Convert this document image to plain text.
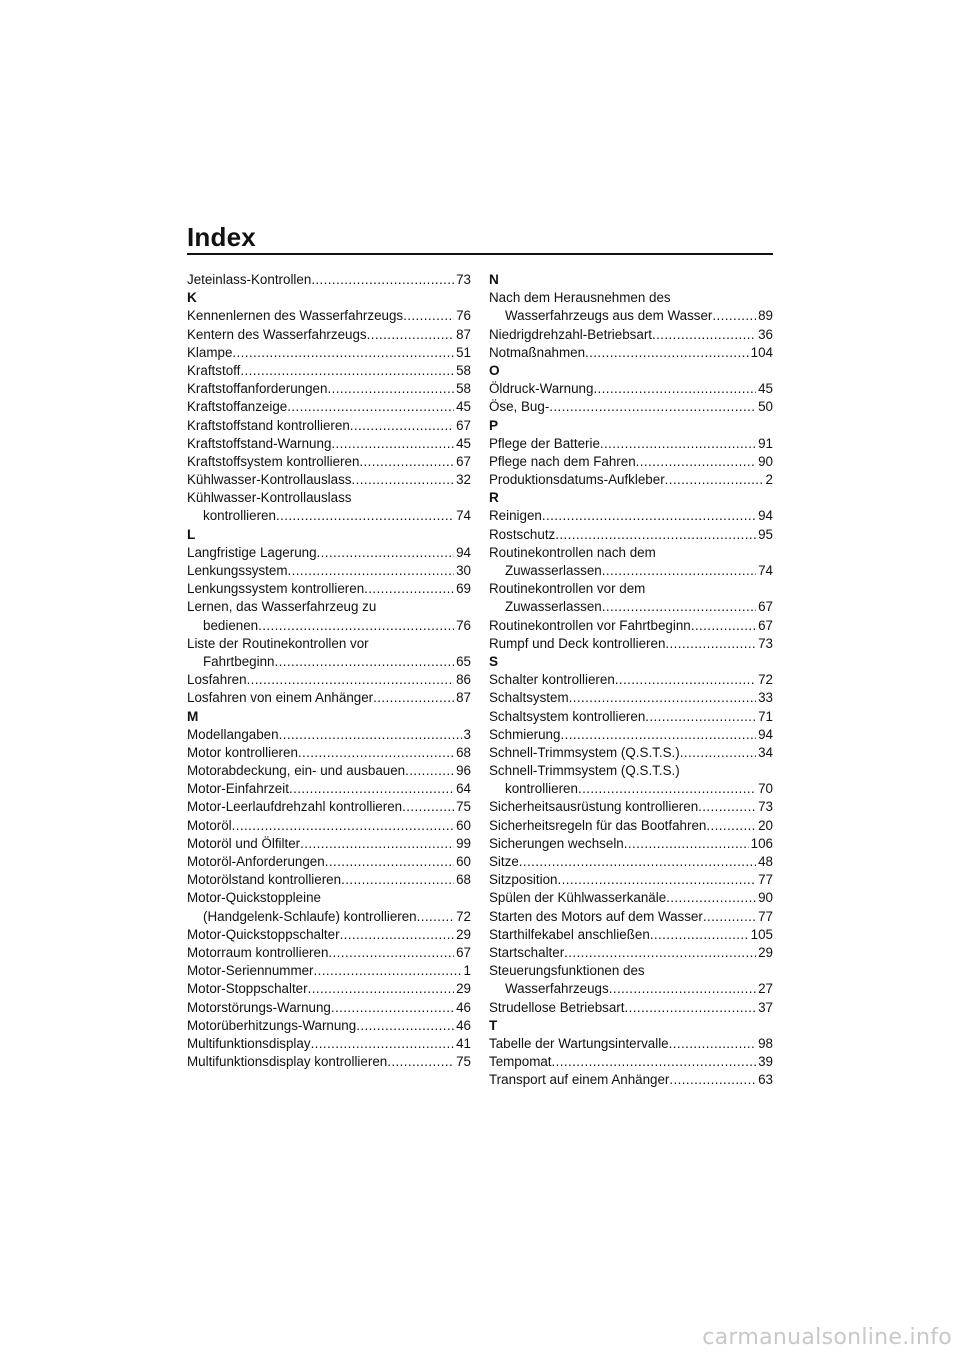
Index
Jeteinlass-Kontrollen .....	73
K
Kennenlernen des Wasserfahrzeugs .....	76
Kentern des Wasserfahrzeugs .....	87
Klampe .....	51
Kraftstoff .....	58
Kraftstoffanforderungen .....	58
Kraftstoffanzeige .....	45
Kraftstoffstand kontrollieren .....	67
Kraftstoffstand-Warnung .....	45
Kraftstoffsystem kontrollieren .....	67
Kühlwasser-Kontrollauslass .....	32
Kühlwasser-Kontrollauslass
kontrollieren .....	74
L
Langfristige Lagerung .....	94
Lenkungssystem .....	30
Lenkungssystem kontrollieren .....	69
Lernen, das Wasserfahrzeug zu
bedienen .....	76
Liste der Routinekontrollen vor
Fahrtbeginn .....	65
Losfahren .....	86
Losfahren von einem Anhänger .....	87
M
Modellangaben .....	3
Motor kontrollieren .....	68
Motorabdeckung, ein- und ausbauen .....	96
Motor-Einfahrzeit .....	64
Motor-Leerlaufdrehzahl kontrollieren .....	75
Motoröl .....	60
Motoröl und Ölfilter .....	99
Motoröl-Anforderungen .....	60
Motorölstand kontrollieren .....	68
Motor-Quickstoppleine
(Handgelenk-Schlaufe) kontrollieren .....	72
Motor-Quickstoppschalter .....	29
Motorraum kontrollieren .....	67
Motor-Seriennummer .....	1
Motor-Stoppschalter .....	29
Motorstörungs-Warnung .....	46
Motorüberhitzungs-Warnung .....	46
Multifunktionsdisplay .....	41
Multifunktionsdisplay kontrollieren .....	75
N
Nach dem Herausnehmen des
Wasserfahrzeugs aus dem Wasser .....	89
Niedrigdrehzahl-Betriebsart .....	36
Notmaßnahmen .....	104
O
Öldruck-Warnung .....	45
Öse, Bug- .....	50
P
Pflege der Batterie .....	91
Pflege nach dem Fahren .....	90
Produktionsdatums-Aufkleber .....	2
R
Reinigen .....	94
Rostschutz .....	95
Routinekontrollen nach dem
Zuwasserlassen .....	74
Routinekontrollen vor dem
Zuwasserlassen .....	67
Routinekontrollen vor Fahrtbeginn .....	67
Rumpf und Deck kontrollieren .....	73
S
Schalter kontrollieren .....	72
Schaltsystem .....	33
Schaltsystem kontrollieren .....	71
Schmierung .....	94
Schnell-Trimmsystem (Q.S.T.S.) .....	34
Schnell-Trimmsystem (Q.S.T.S.)
kontrollieren .....	70
Sicherheitsausrüstung kontrollieren .....	73
Sicherheitsregeln für das Bootfahren .....	20
Sicherungen wechseln .....	106
Sitze .....	48
Sitzposition .....	77
Spülen der Kühlwasserkanäle .....	90
Starten des Motors auf dem Wasser .....	77
Starthilfekabel anschließen .....	105
Startschalter .....	29
Steuerungsfunktionen des
Wasserfahrzeugs .....	27
Strudellose Betriebsart .....	37
T
Tabelle der Wartungsintervalle .....	98
Tempomat .....	39
Transport auf einem Anhänger .....	63
carmanualsonline.info
